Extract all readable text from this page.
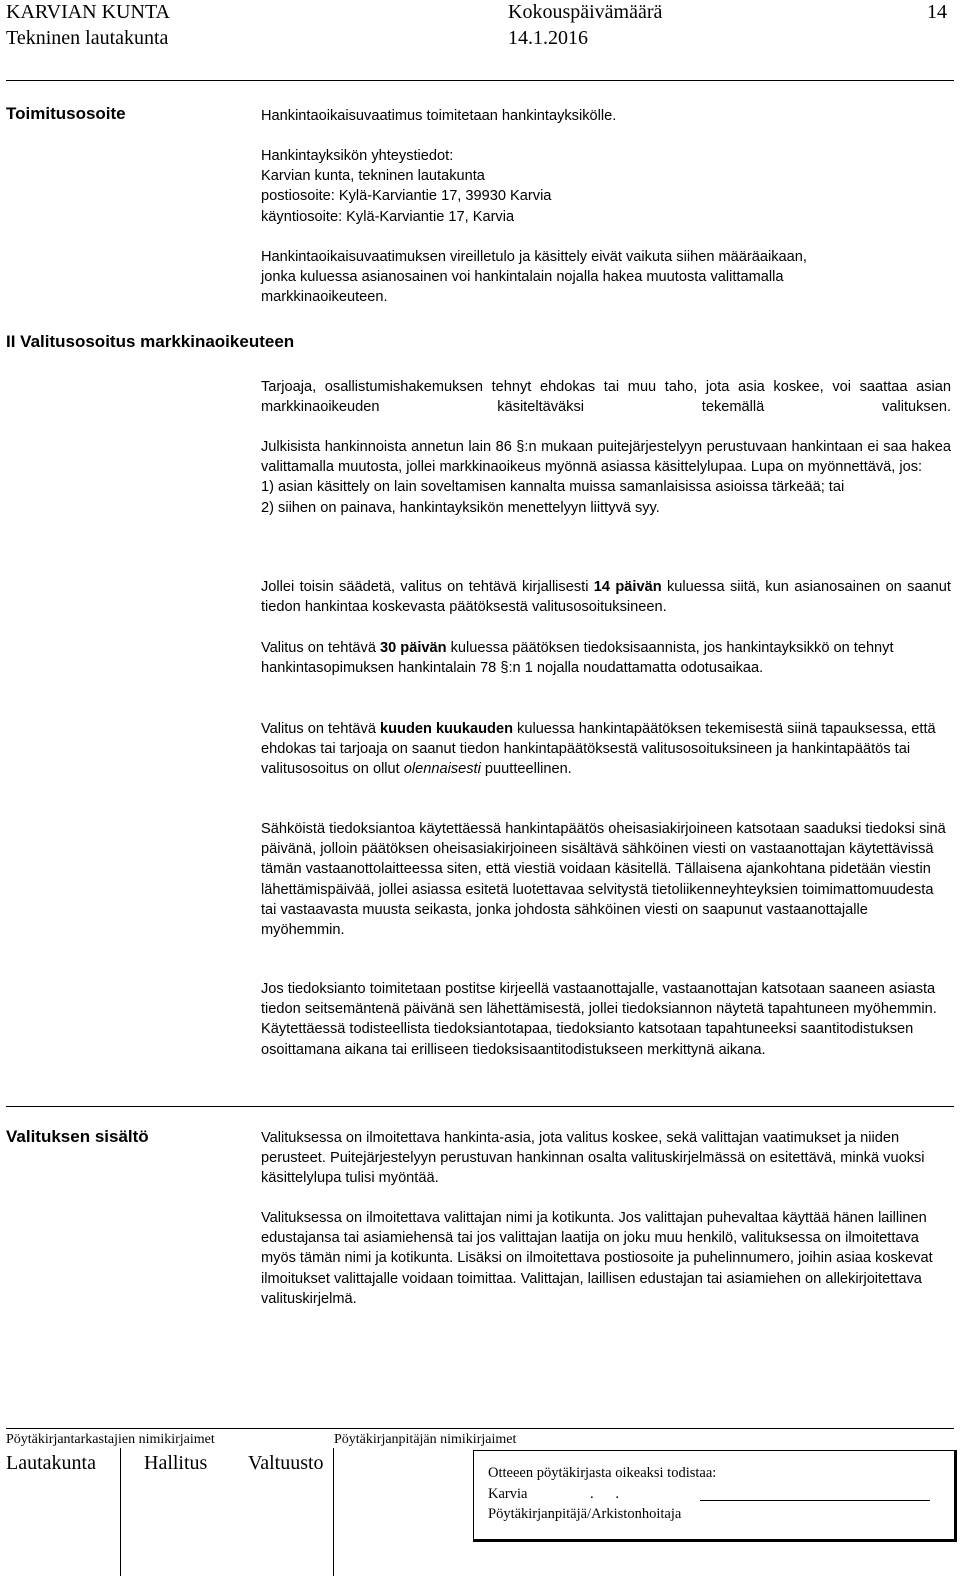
KARVIAN KUNTA
Tekninen lautakunta
Kokouspäivämäärä
14.1.2016
14
Toimitusosoite	Hankintaoikaisuvaatimus toimitetaan hankintayksikölle.
Hankintayksikön yhteystiedot:
Karvian kunta, tekninen lautakunta
postiosoite: Kylä-Karviantie 17, 39930 Karvia
käyntiosoite: Kylä-Karviantie 17, Karvia
Hankintaoikaisuvaatimuksen vireilletulo ja käsittely eivät vaikuta siihen määräaikaan,
jonka kuluessa asianosainen voi hankintalain nojalla hakea muutosta valittamalla
markkinaoikeuteen.
II Valitusosoitus markkinaoikeuteen
Tarjoaja, osallistumishakemuksen tehnyt ehdokas tai muu taho, jota asia koskee, voi saattaa asian markkinaoikeuden käsiteltäväksi tekemällä valituksen.
Julkisista hankinnoista annetun lain 86 §:n mukaan puitejärjestelyyn perustuvaan hankintaan ei saa hakea valittamalla muutosta, jollei markkinaoikeus myönnä asiassa käsittelylupaa. Lupa on myönnettävä, jos:
1) asian käsittely on lain soveltamisen kannalta muissa samanlaisissa asioissa tärkeää; tai
2) siihen on painava, hankintayksikön menettelyyn liittyvä syy.
Jollei toisin säädetä, valitus on tehtävä kirjallisesti 14 päivän kuluessa siitä, kun asianosainen on saanut tiedon hankintaa koskevasta päätöksestä valitusosoituksineen.
Valitus on tehtävä 30 päivän kuluessa päätöksen tiedoksisaannista, jos hankintayksikkö on tehnyt hankintasopimuksen hankintalain 78 §:n 1 nojalla noudattamatta odotusaikaa.
Valitus on tehtävä kuuden kuukauden kuluessa hankintapäätöksen tekemisestä siinä tapauksessa, että ehdokas tai tarjoaja on saanut tiedon hankintapäätöksestä valitusosoituksineen ja hankintapäätös tai valitusosoitus on ollut olennaisesti puutteellinen.
Sähköistä tiedoksiantoa käytettäessä hankintapäätös oheisasiakirjoineen katsotaan saaduksi tiedoksi sinä päivänä, jolloin päätöksen oheisasiakirjoineen sisältävä sähköinen viesti on vastaanottajan käytettävissä tämän vastaanottolaitteessa siten, että viestiä voidaan käsitellä. Tällaisena ajankohtana pidetään viestin lähettämispäivää, jollei asiassa esitetä luotettavaa selvitystä tietoliikenneyhteyksien toimimattomuudesta tai vastaavasta muusta seikasta, jonka johdosta sähköinen viesti on saapunut vastaanottajalle myöhemmin.
Jos tiedoksianto toimitetaan postitse kirjeellä vastaanottajalle, vastaanottajan katsotaan saaneen asiasta tiedon seitsemäntenä päivänä sen lähettämisestä, jollei tiedoksiannon näytetä tapahtuneen myöhemmin. Käytettäessä todisteellista tiedoksiantotapaa, tiedoksianto katsotaan tapahtuneeksi saantitodistuksen osoittamana aikana tai erilliseen tiedoksisaantitodistukseen merkittynä aikana.
Valituksen sisältö	Valituksessa on ilmoitettava hankinta-asia, jota valitus koskee, sekä valittajan vaatimukset ja niiden perusteet. Puitejärjestelyyn perustuvan hankinnan osalta valituskirjelmässä on esitettävä, minkä vuoksi käsittelylupa tulisi myöntää.
Valituksessa on ilmoitettava valittajan nimi ja kotikunta. Jos valittajan puhevaltaa käyttää hänen laillinen edustajansa tai asiamiehensä tai jos valittajan laatija on joku muu henkilö, valituksessa on ilmoitettava myös tämän nimi ja kotikunta. Lisäksi on ilmoitettava postiosoite ja puhelinnumero, joihin asiaa koskevat ilmoitukset valittajalle voidaan toimittaa. Valittajan, laillisen edustajan tai asiamiehen on allekirjoitettava valituskirjelmä.
Pöytäkirjantarkastajien nimikirjaimet	Pöytäkirjanpitäjän nimikirjaimet
Lautakunta Hallitus Valtuusto	Otteeen pöytäkirjasta oikeaksi todistaa:
Karvia	.      .
Pöytäkirjanpitäjä/Arkistonhoitaja
